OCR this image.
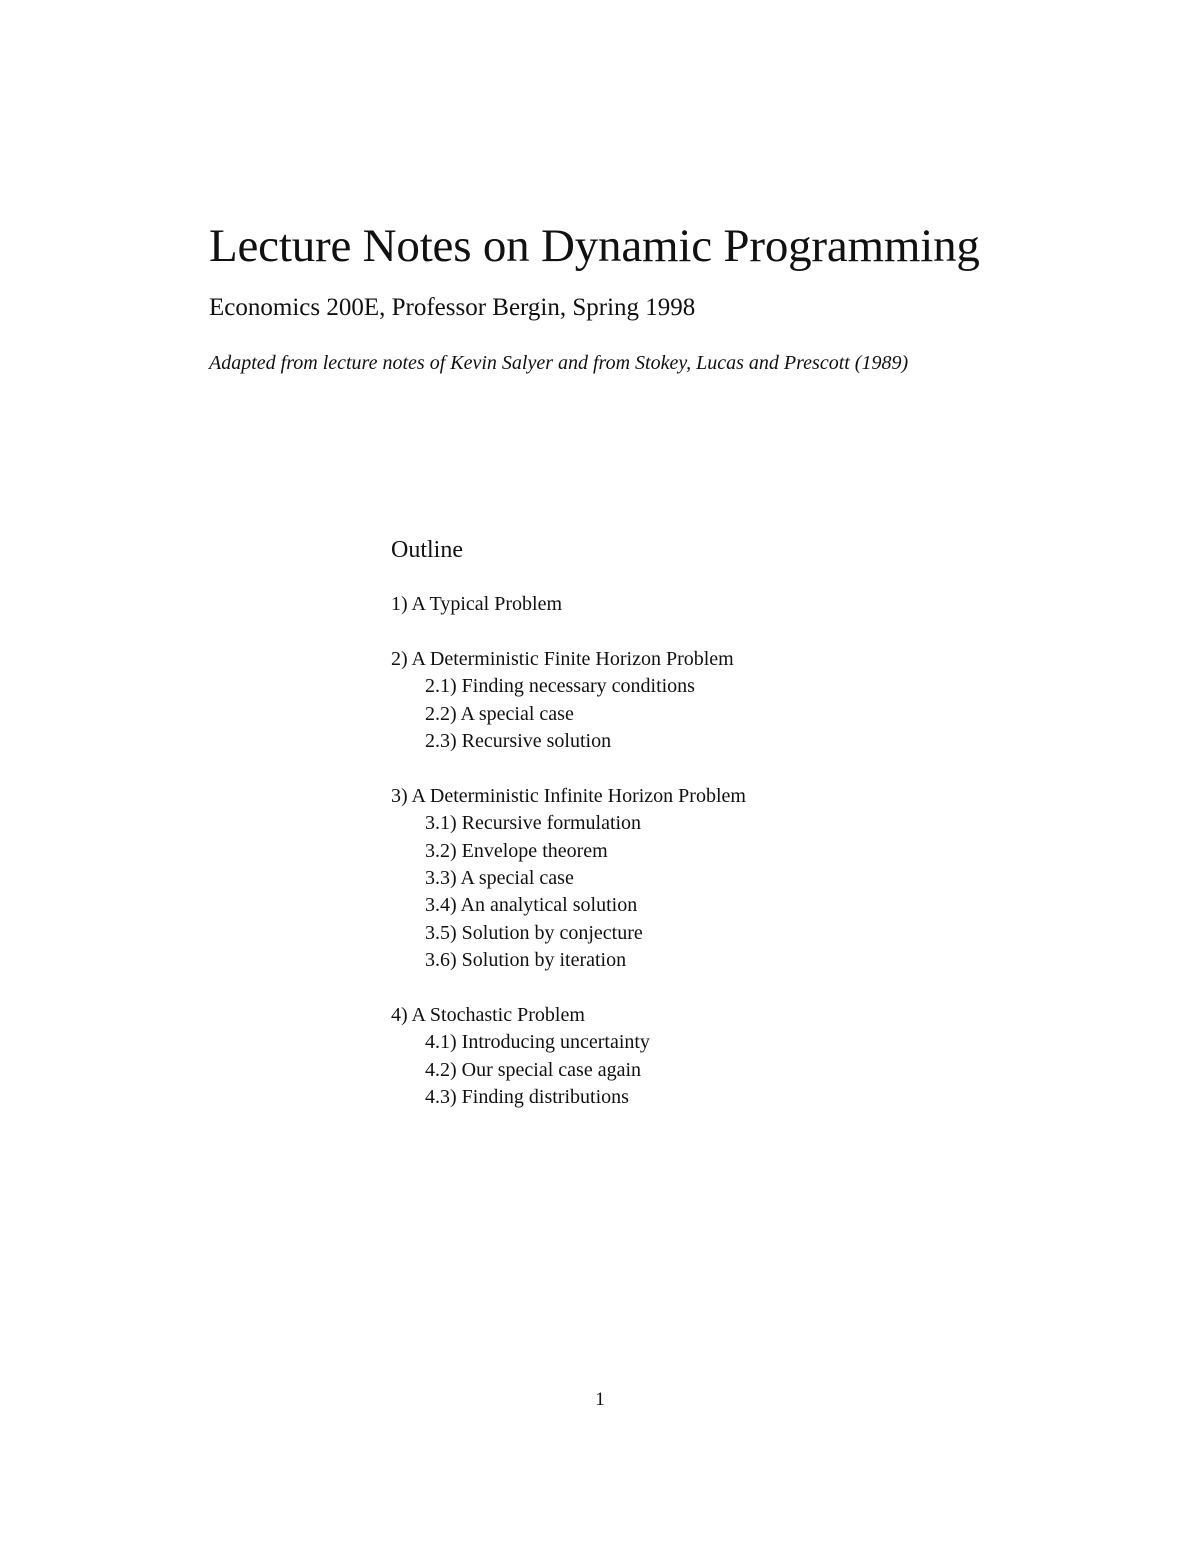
Lecture Notes on Dynamic Programming
Economics 200E, Professor Bergin, Spring 1998
Adapted from lecture notes of Kevin Salyer and from Stokey, Lucas and Prescott (1989)
Outline
1) A Typical Problem
2) A Deterministic Finite Horizon Problem
2.1) Finding necessary conditions
2.2) A special case
2.3) Recursive solution
3) A Deterministic Infinite Horizon Problem
3.1) Recursive formulation
3.2) Envelope theorem
3.3) A special case
3.4) An analytical solution
3.5) Solution by conjecture
3.6) Solution by iteration
4) A Stochastic Problem
4.1) Introducing uncertainty
4.2) Our special case again
4.3) Finding distributions
1
